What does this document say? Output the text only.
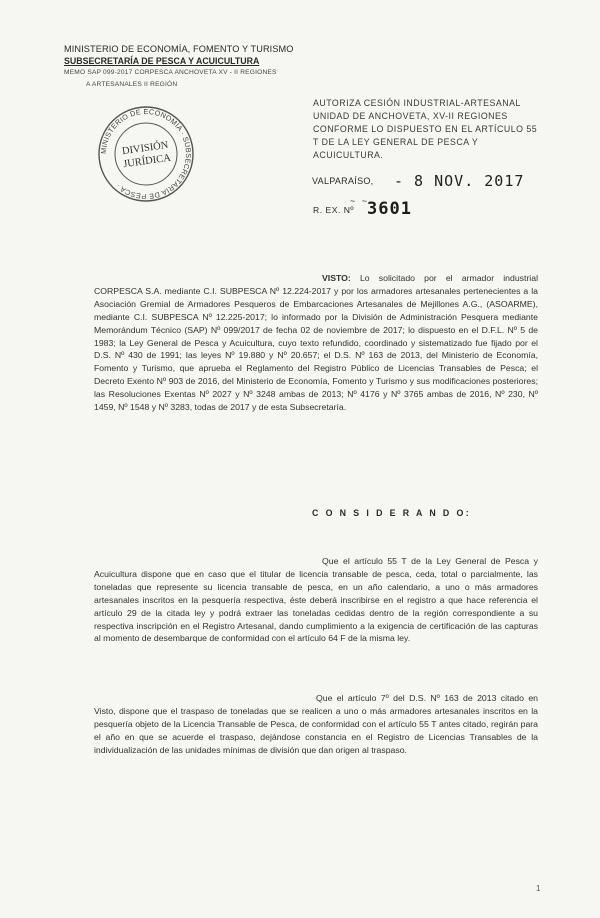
MINISTERIO DE ECONOMÍA, FOMENTO Y TURISMO
SUBSECRETARÍA DE PESCA Y ACUICULTURA
MEMO SAP 099-2017 CORPESCA ANCHOVETA XV - II REGIONES
A ARTESANALES II REGIÓN
MINISTERIO DE ECONOMÍA · SUBSECRETARÍA DE PESCA ·
DIVISIÓN
JURÍDICA
AUTORIZA CESIÓN INDUSTRIAL-ARTESANAL UNIDAD DE ANCHOVETA, XV-II REGIONES CONFORME LO DISPUESTO EN EL ARTÍCULO 55 T DE LA LEY GENERAL DE PESCA Y ACUICULTURA.
VALPARAÍSO, - 8 NOV. 2017
~ ~
R. EX. Nº 3601
VISTO: Lo solicitado por el armador industrial CORPESCA S.A. mediante C.I. SUBPESCA Nº 12.224-2017 y por los armadores artesanales pertenecientes a la Asociación Gremial de Armadores Pesqueros de Embarcaciones Artesanales de Mejillones A.G., (ASOARME), mediante C.I. SUBPESCA Nº 12.225-2017; lo informado por la División de Administración Pesquera mediante Memorándum Técnico (SAP) Nº 099/2017 de fecha 02 de noviembre de 2017; lo dispuesto en el D.F.L. Nº 5 de 1983; la Ley General de Pesca y Acuicultura, cuyo texto refundido, coordinado y sistematizado fue fijado por el D.S. Nº 430 de 1991; las leyes Nº 19.880 y Nº 20.657; el D.S. Nº 163 de 2013, del Ministerio de Economía, Fomento y Turismo, que aprueba el Reglamento del Registro Público de Licencias Transables de Pesca; el Decreto Exento Nº 903 de 2016, del Ministerio de Economía, Fomento y Turismo y sus modificaciones posteriores; las Resoluciones Exentas Nº 2027 y Nº 3248 ambas de 2013; Nº 4176 y Nº 3765 ambas de 2016, Nº 230, Nº 1459, Nº 1548 y Nº 3283, todas de 2017 y de esta Subsecretaría.
C O N S I D E R A N D O:
Que el artículo 55 T de la Ley General de Pesca y Acuicultura dispone que en caso que el titular de licencia transable de pesca, ceda, total o parcialmente, las toneladas que represente su licencia transable de pesca, en un año calendario, a uno o más armadores artesanales inscritos en la pesquería respectiva, éste deberá inscribirse en el registro a que hace referencia el artículo 29 de la citada ley y podrá extraer las toneladas cedidas dentro de la región correspondiente a su respectiva inscripción en el Registro Artesanal, dando cumplimiento a la exigencia de certificación de las capturas al momento de desembarque de conformidad con el artículo 64 F de la misma ley.
Que el artículo 7º del D.S. Nº 163 de 2013 citado en Visto, dispone que el traspaso de toneladas que se realicen a uno o más armadores artesanales inscritos en la pesquería objeto de la Licencia Transable de Pesca, de conformidad con el artículo 55 T antes citado, regirán para el año en que se acuerde el traspaso, dejándose constancia en el Registro de Licencias Transables de la individualización de las unidades mínimas de división que dan origen al traspaso.
1
